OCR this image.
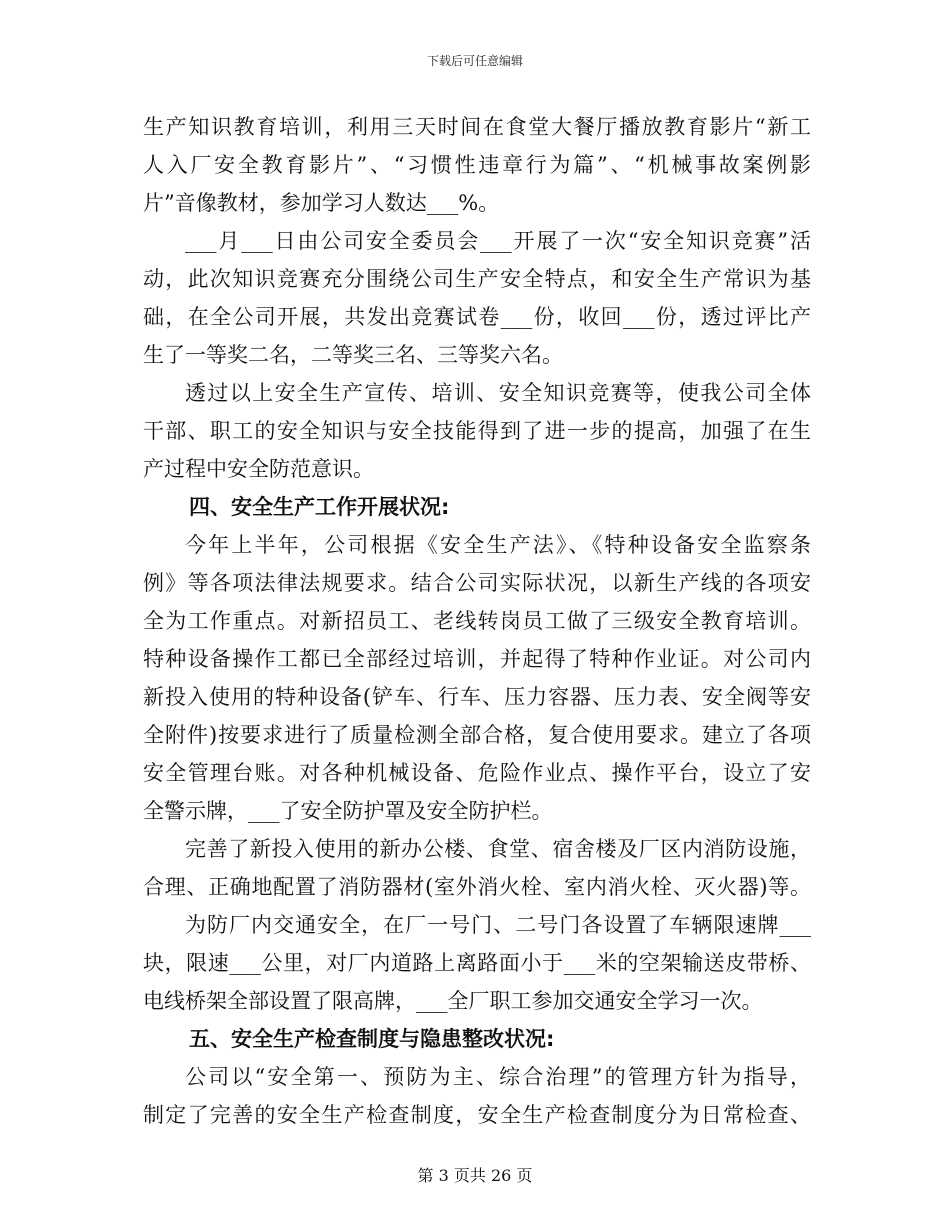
下载后可任意编辑
生产知识教育培训，利用三天时间在食堂大餐厅播放教育影片“新工
人入厂安全教育影片”、“习惯性违章行为篇”、“机械事故案例影
片”音像教材，参加学习人数达___%。
___月___日由公司安全委员会___开展了一次“安全知识竞赛”活
动，此次知识竞赛充分围绕公司生产安全特点，和安全生产常识为基
础，在全公司开展，共发出竞赛试卷___份，收回___份，透过评比产
生了一等奖二名，二等奖三名、三等奖六名。
透过以上安全生产宣传、培训、安全知识竞赛等，使我公司全体
干部、职工的安全知识与安全技能得到了进一步的提高，加强了在生
产过程中安全防范意识。
四、安全生产工作开展状况:
今年上半年，公司根据《安全生产法》、《特种设备安全监察条
例》等各项法律法规要求。结合公司实际状况，以新生产线的各项安
全为工作重点。对新招员工、老线转岗员工做了三级安全教育培训。
特种设备操作工都已全部经过培训，并起得了特种作业证。对公司内
新投入使用的特种设备(铲车、行车、压力容器、压力表、安全阀等安
全附件)按要求进行了质量检测全部合格，复合使用要求。建立了各项
安全管理台账。对各种机械设备、危险作业点、操作平台，设立了安
全警示牌，___了安全防护罩及安全防护栏。
完善了新投入使用的新办公楼、食堂、宿舍楼及厂区内消防设施，
合理、正确地配置了消防器材(室外消火栓、室内消火栓、灭火器)等。
为防厂内交通安全，在厂一号门、二号门各设置了车辆限速牌___
块，限速___公里，对厂内道路上离路面小于___米的空架输送皮带桥、
电线桥架全部设置了限高牌，___全厂职工参加交通安全学习一次。
五、安全生产检查制度与隐患整改状况:
公司以“安全第一、预防为主、综合治理”的管理方针为指导，
制定了完善的安全生产检查制度，安全生产检查制度分为日常检查、
第 3 页共 26 页
